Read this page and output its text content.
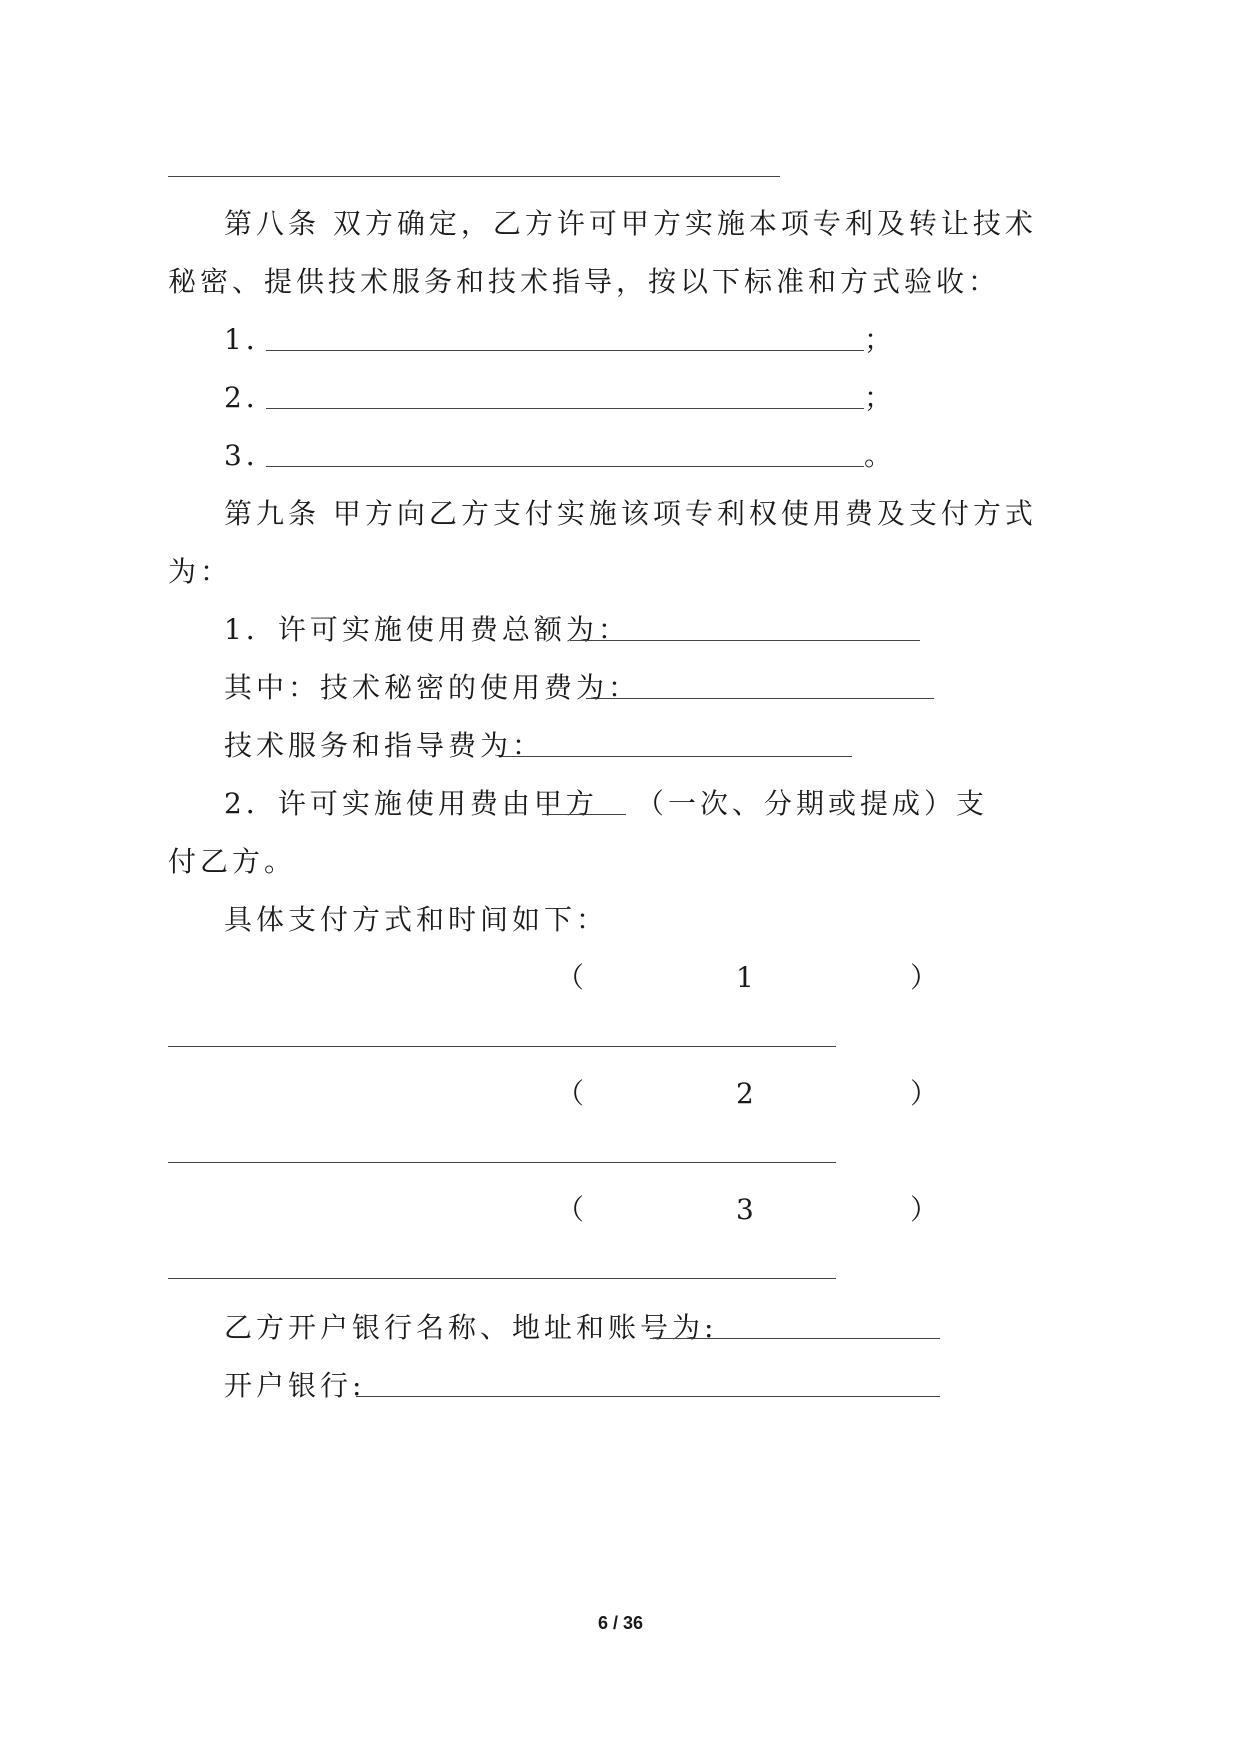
第八条 双方确定，乙方许可甲方实施本项专利及转让技术
秘密、提供技术服务和技术指导，按以下标准和方式验收：
1．	；
2．	；
3．	。
第九条 甲方向乙方支付实施该项专利权使用费及支付方式
为：
1．许可实施使用费总额为：
其中：技术秘密的使用费为：
技术服务和指导费为：
2．许可实施使用费由甲方 （一次、分期或提成）支
付乙方。
具体支付方式和时间如下：
（	1	）
（	2	）
（	3	）
乙方开户银行名称、地址和账号为:
开户银行:
6 / 36
